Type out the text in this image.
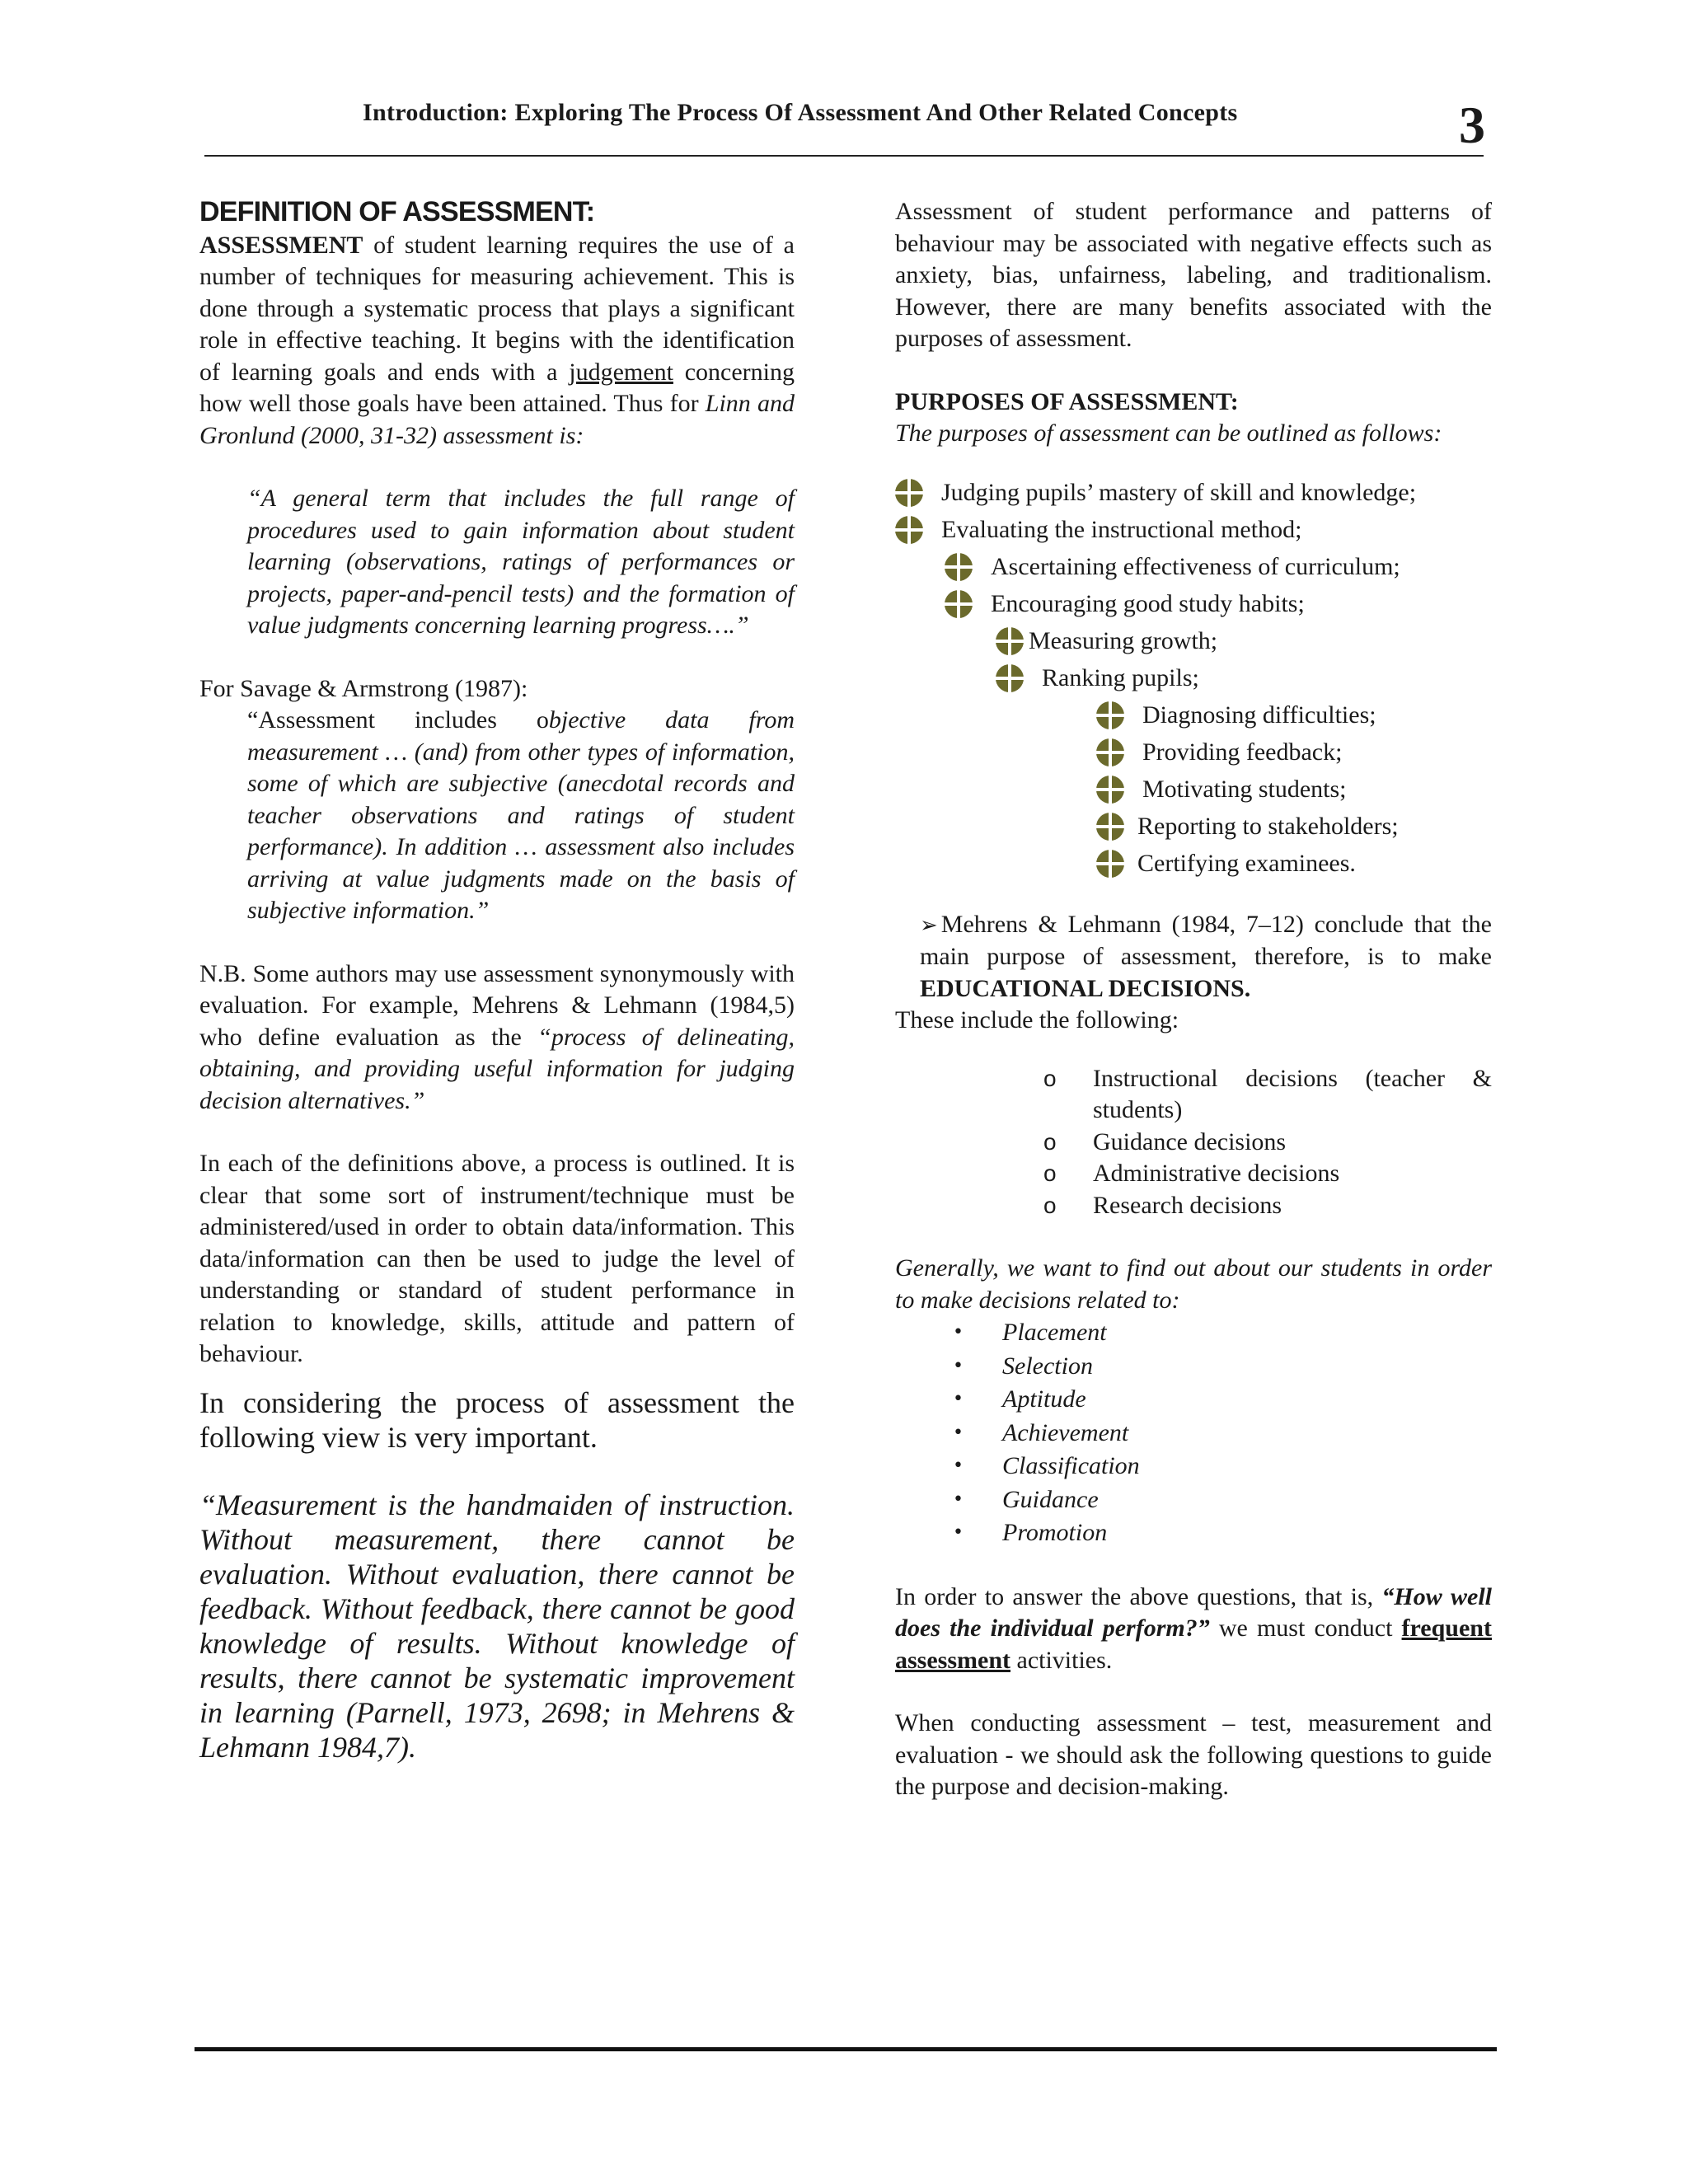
Introduction: Exploring The Process Of Assessment And Other Related Concepts	3
DEFINITION OF ASSESSMENT:

ASSESSMENT of student learning requires the use of a number of techniques for measuring achievement. This is done through a systematic process that plays a significant role in effective teaching. It begins with the identification of learning goals and ends with a judgement concerning how well those goals have been attained. Thus for Linn and Gronlund (2000, 31-32) assessment is:

“A general term that includes the full range of procedures used to gain information about student learning (observations, ratings of performances or projects, paper-and-pencil tests) and the formation of value judgments concerning learning progress….”

For Savage & Armstrong (1987):

“Assessment includes objective data from measurement … (and) from other types of information, some of which are subjective (anecdotal records and teacher observations and ratings of student performance). In addition … assessment also includes arriving at value judgments made on the basis of subjective information.”

N.B. Some authors may use assessment synonymously with evaluation. For example, Mehrens & Lehmann (1984,5) who define evaluation as the “process of delineating, obtaining, and providing useful information for judging decision alternatives.”

In each of the definitions above, a process is outlined. It is clear that some sort of instrument/technique must be administered/used in order to obtain data/information. This data/information can then be used to judge the level of understanding or standard of student performance in relation to knowledge, skills, attitude and pattern of behaviour.

In considering the process of assessment the following view is very important.

“Measurement is the handmaiden of instruction. Without measurement, there cannot be evaluation. Without evaluation, there cannot be feedback. Without feedback, there cannot be good knowledge of results. Without knowledge of results, there cannot be systematic improvement in learning (Parnell, 1973, 2698; in Mehrens & Lehmann 1984,7).

Assessment of student performance and patterns of behaviour may be associated with negative effects such as anxiety, bias, unfairness, labeling, and traditionalism. However, there are many benefits associated with the purposes of assessment.

PURPOSES OF ASSESSMENT:

The purposes of assessment can be outlined as follows:

Judging pupils’ mastery of skill and knowledge;
Evaluating the instructional method;
Ascertaining effectiveness of curriculum;
Encouraging good study habits;
Measuring growth;
Ranking pupils;
Diagnosing difficulties;
Providing feedback;
Motivating students;
Reporting to stakeholders;
Certifying examinees.

➢ Mehrens & Lehmann (1984, 7–12) conclude that the main purpose of assessment, therefore, is to make EDUCATIONAL DECISIONS.

These include the following:

o	Instructional decisions (teacher & students)
o	Guidance decisions
o	Administrative decisions
o	Research decisions

Generally, we want to find out about our students in order to make decisions related to:

•	Placement
•	Selection
•	Aptitude
•	Achievement
•	Classification
•	Guidance
•	Promotion

In order to answer the above questions, that is, “How well does the individual perform?” we must conduct frequent assessment activities.

When conducting assessment – test, measurement and evaluation - we should ask the following questions to guide the purpose and decision-making.
